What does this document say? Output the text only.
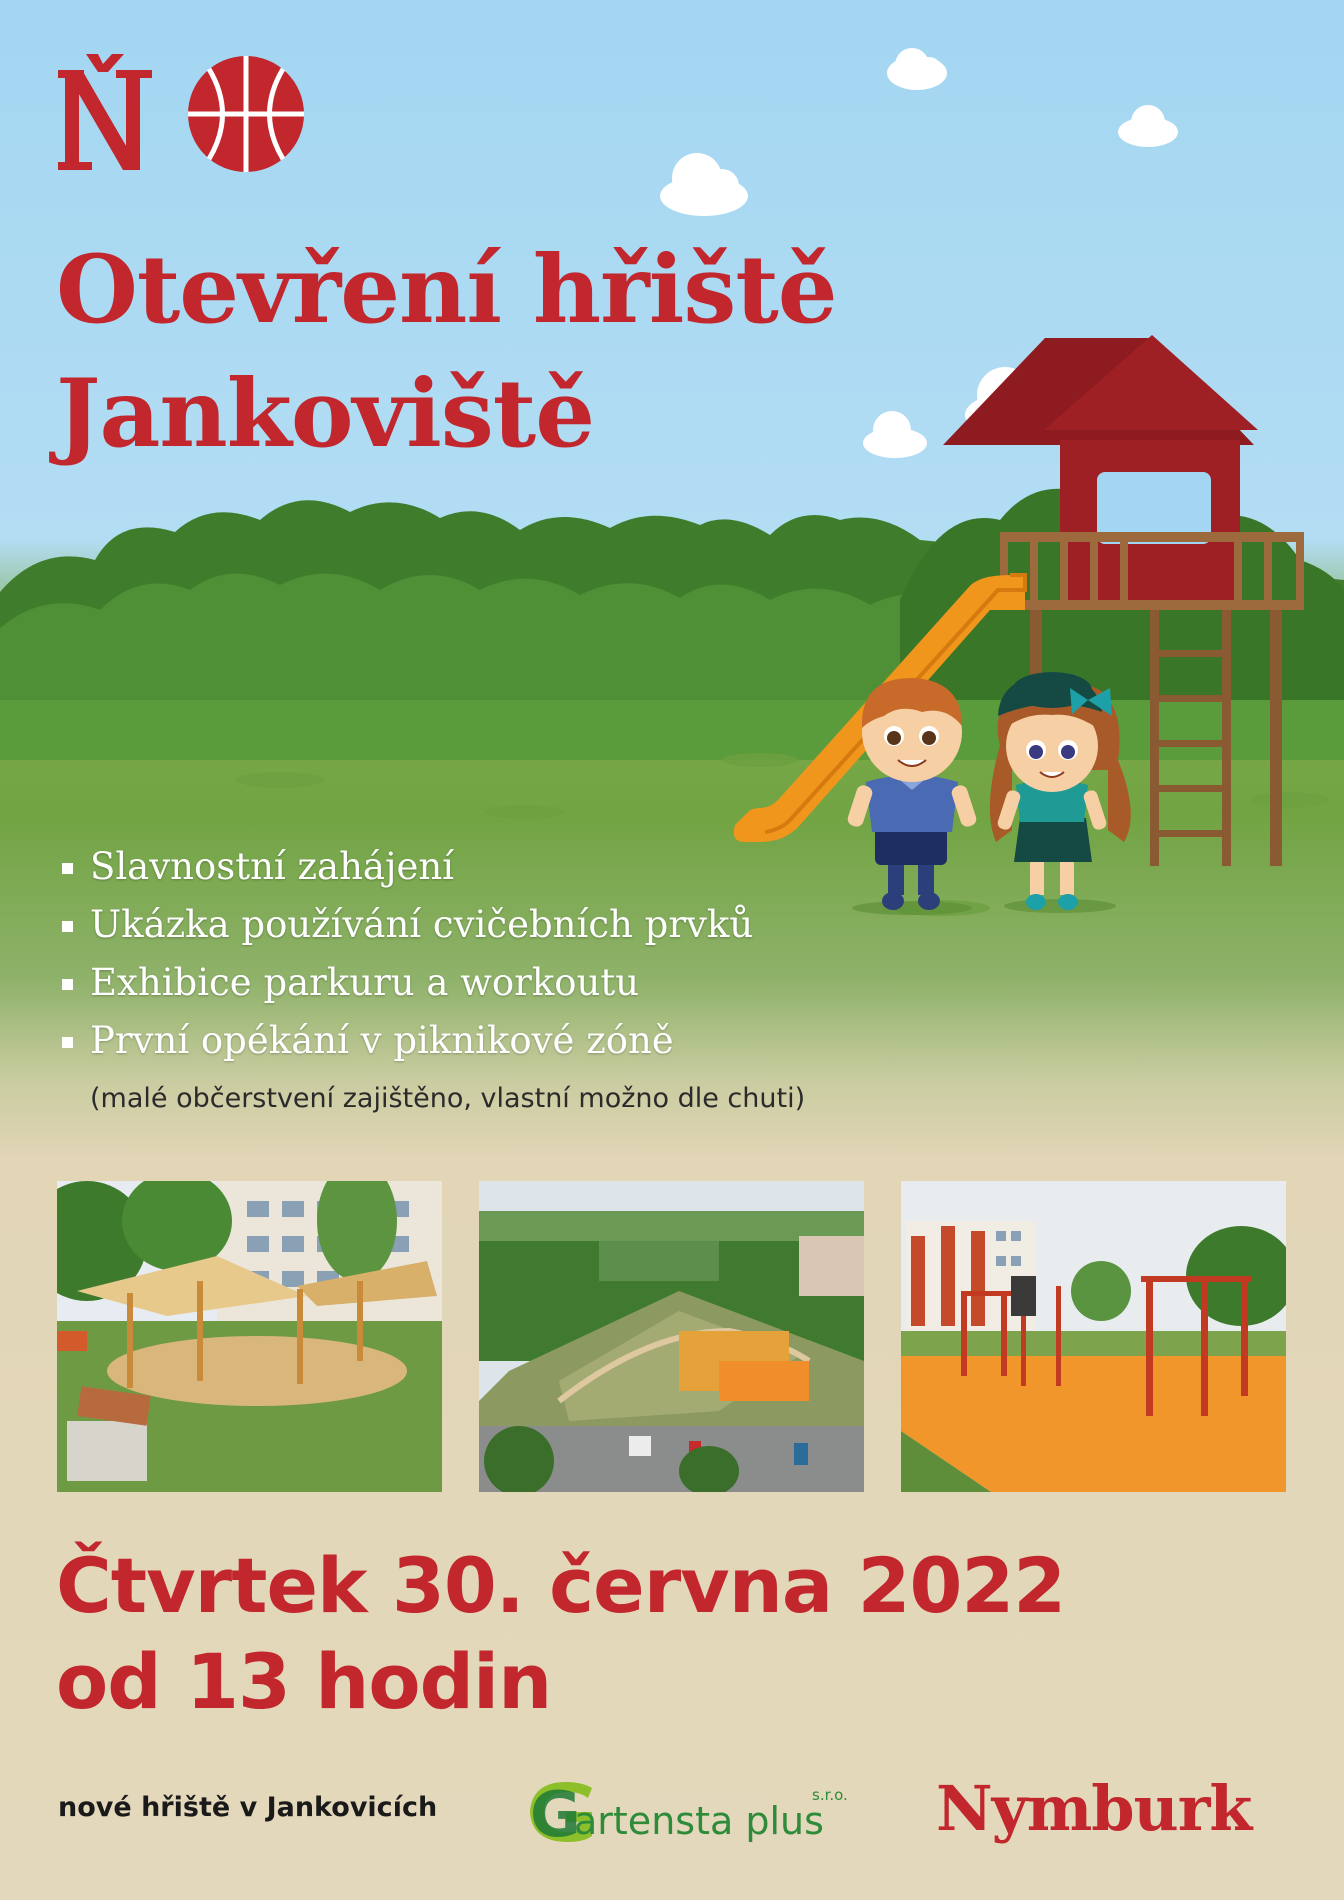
Otevření hřiště
Jankoviště
Slavnostní zahájení
Ukázka používání cvičebních prvků
Exhibice parkuru a workoutu
První opékání v piknikové zóně
(malé občerstvení zajištěno, vlastní možno dle chuti)
Čtvrtek 30. června 2022
od 13 hodin
nové hřiště v Jankovicích G
artensta plus
s.r.o. Nymburk
